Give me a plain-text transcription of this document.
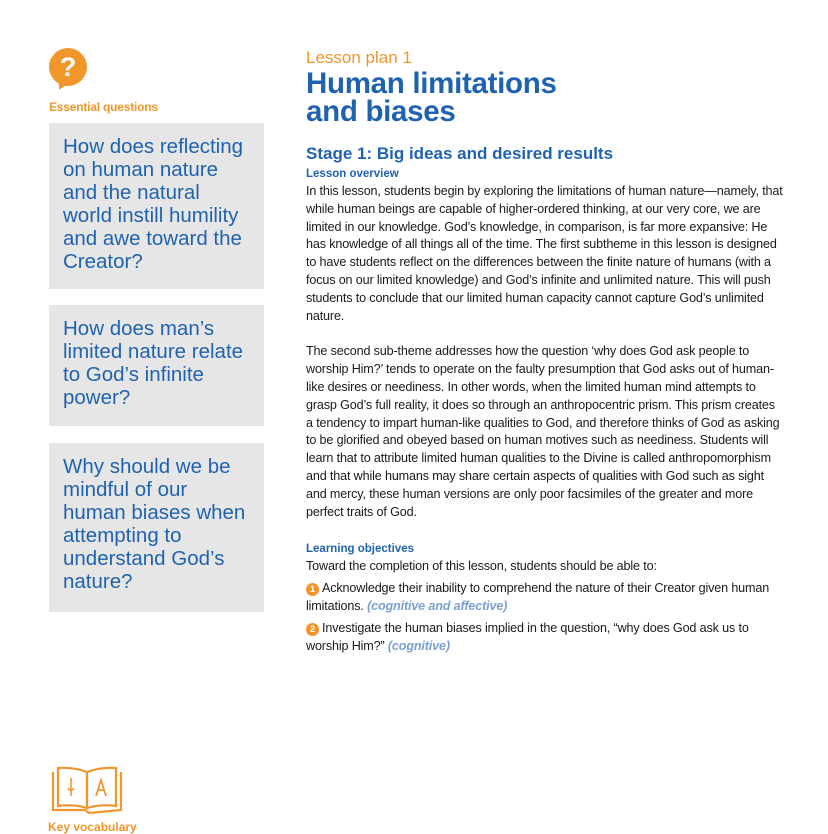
?
Essential questions

How does reflecting on human nature and the natural world instill humility and awe toward the Creator?

How does man’s limited nature relate to God’s infinite power?

Why should we be mindful of our human biases when attempting to understand God’s nature?

Key vocabulary

Lesson plan 1

Human limitations
and biases
Stage 1: Big ideas and desired results
Lesson overview

In this lesson, students begin by exploring the limitations of human nature—namely, that while human beings are capable of higher-ordered thinking, at our very core, we are limited in our knowledge. God’s knowledge, in comparison, is far more expansive: He has knowledge of all things all of the time. The first subtheme in this lesson is designed to have students reflect on the differences between the finite nature of humans (with a focus on our limited knowledge) and God’s infinite and unlimited nature. This will push students to conclude that our limited human capacity cannot capture God’s unlimited nature.

The second sub-theme addresses how the question ‘why does God ask people to worship Him?’ tends to operate on the faulty presumption that God asks out of human-like desires or neediness. In other words, when the limited human mind attempts to grasp God’s full reality, it does so through an anthropocentric prism. This prism creates a tendency to impart human-like qualities to God, and therefore thinks of God as asking to be glorified and obeyed based on human motives such as neediness. Students will learn that to attribute limited human qualities to the Divine is called anthropomorphism and that while humans may share certain aspects of qualities with God such as sight and mercy, these human versions are only poor facsimiles of the greater and more perfect traits of God.

Learning objectives

Toward the completion of this lesson, students should be able to:

1 Acknowledge their inability to comprehend the nature of their Creator given human limitations. (cognitive and affective)

2 Investigate the human biases implied in the question, “why does God ask us to worship Him?” (cognitive)
